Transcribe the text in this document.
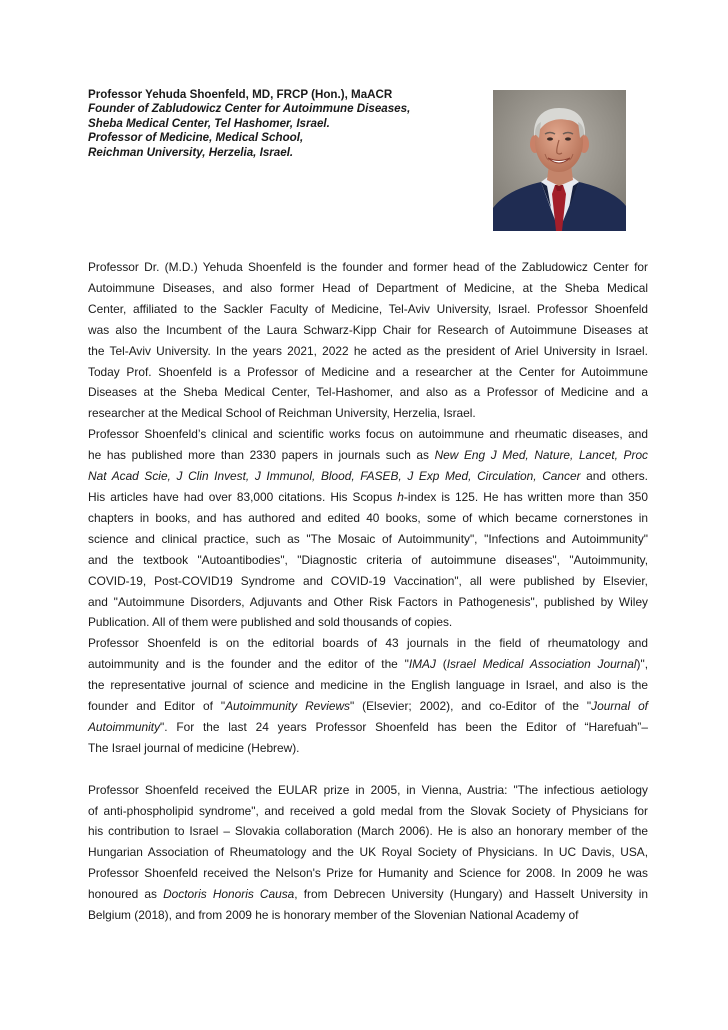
Professor Yehuda Shoenfeld, MD, FRCP (Hon.), MaACR
Founder of Zabludowicz Center for Autoimmune Diseases,
Sheba Medical Center, Tel Hashomer, Israel.
Professor of Medicine, Medical School,
Reichman University, Herzelia, Israel.

Professor Dr. (M.D.) Yehuda Shoenfeld is the founder and former head of the Zabludowicz Center for
Autoimmune Diseases, and also former Head of Department of Medicine, at the Sheba Medical
Center, affiliated to the Sackler Faculty of Medicine, Tel-Aviv University, Israel. Professor Shoenfeld
was also the Incumbent of the Laura Schwarz-Kipp Chair for Research of Autoimmune Diseases at
the Tel-Aviv University. In the years 2021, 2022 he acted as the president of Ariel University in Israel.
Today Prof. Shoenfeld is a Professor of Medicine and a researcher at the Center for Autoimmune
Diseases at the Sheba Medical Center, Tel-Hashomer, and also as a Professor of Medicine and a
researcher at the Medical School of Reichman University, Herzelia, Israel.

Professor Shoenfeld’s clinical and scientific works focus on autoimmune and rheumatic diseases, and
he has published more than 2330 papers in journals such as New Eng J Med, Nature, Lancet, Proc
Nat Acad Scie, J Clin Invest, J Immunol, Blood, FASEB, J Exp Med, Circulation, Cancer and others.
His articles have had over 83,000 citations. His Scopus h-index is 125. He has written more than 350
chapters in books, and has authored and edited 40 books, some of which became cornerstones in
science and clinical practice, such as "The Mosaic of Autoimmunity", "Infections and Autoimmunity"
and the textbook "Autoantibodies", "Diagnostic criteria of autoimmune diseases", "Autoimmunity,
COVID-19, Post-COVID19 Syndrome and COVID-19 Vaccination", all were published by Elsevier,
and "Autoimmune Disorders, Adjuvants and Other Risk Factors in Pathogenesis", published by Wiley
Publication. All of them were published and sold thousands of copies.

Professor Shoenfeld is on the editorial boards of 43 journals in the field of rheumatology and
autoimmunity and is the founder and the editor of the "IMAJ (Israel Medical Association Journal)",
the representative journal of science and medicine in the English language in Israel, and also is the
founder and Editor of "Autoimmunity Reviews" (Elsevier; 2002), and co-Editor of the "Journal of
Autoimmunity". For the last 24 years Professor Shoenfeld has been the Editor of “Harefuah”–
The Israel journal of medicine (Hebrew).

Professor Shoenfeld received the EULAR prize in 2005, in Vienna, Austria: "The infectious aetiology
of anti-phospholipid syndrome", and received a gold medal from the Slovak Society of Physicians for
his contribution to Israel – Slovakia collaboration (March 2006). He is also an honorary member of the
Hungarian Association of Rheumatology and the UK Royal Society of Physicians. In UC Davis, USA,
Professor Shoenfeld received the Nelson's Prize for Humanity and Science for 2008. In 2009 he was
honoured as Doctoris Honoris Causa, from Debrecen University (Hungary) and Hasselt University in
Belgium (2018), and from 2009 he is honorary member of the Slovenian National Academy of
